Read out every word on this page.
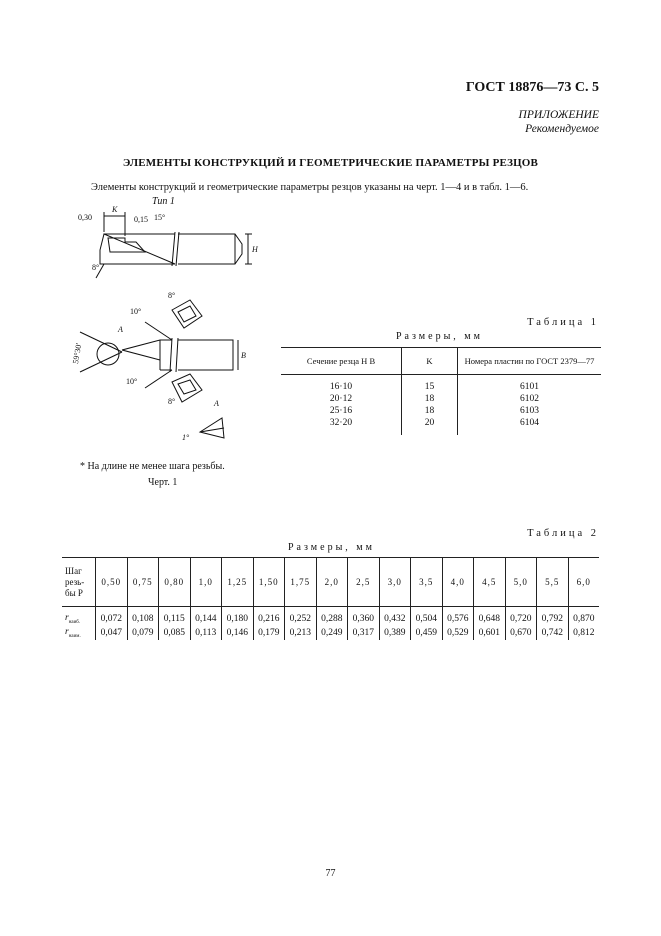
ГОСТ 18876—73 С. 5
ПРИЛОЖЕНИЕ
Рекомендуемое
ЭЛЕМЕНТЫ КОНСТРУКЦИЙ И ГЕОМЕТРИЧЕСКИЕ ПАРАМЕТРЫ РЕЗЦОВ
Элементы конструкций и геометрические параметры резцов указаны на черт. 1—4 и в табл. 1—6.
Тип 1
H
K
0,30	0,15 15°
8°
B
59°30'
A
10°
8°
10°
8°	A
1°
* На длине не менее шага резьбы.
Черт. 1
Таблица 1
Размеры, мм
Сечение резца H B	K	Номера пластин по ГОСТ 2379—77

16·10	15	6101
20·12	18	6102
25·16	18	6103
32·20	20	6104

Таблица 2
Размеры, мм
Шаг резь- бы P	0,50	0,75	0,80	1,0	1,25	1,50	1,75	2,0	2,5	3,0	3,5	4,0	4,5	5,0	5,5	6,0

$r_{наиб.}$	0,072	0,108	0,115	0,144	0,180	0,216	0,252	0,288	0,360	0,432	0,504	0,576	0,648	0,720	0,792	0,870
$r_{наим.}$	0,047	0,079	0,085	0,113	0,146	0,179	0,213	0,249	0,317	0,389	0,459	0,529	0,601	0,670	0,742	0,812
77
